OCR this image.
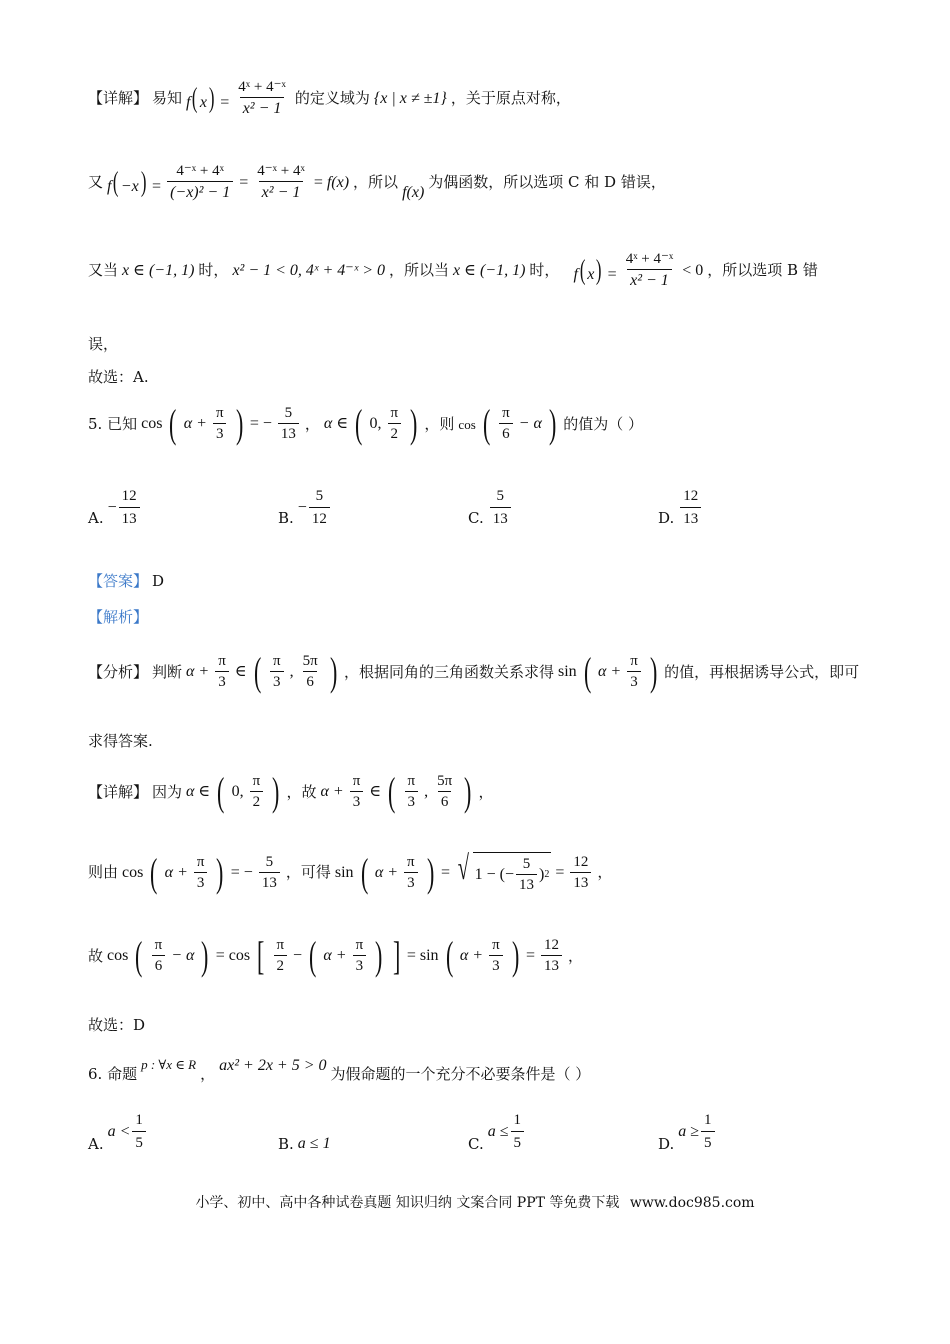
【详解】 易知 f( $x) = \frac{\text{4ˣ + 4⁻ˣ}}{\text{x² − 1}}$ 的定义域为 {x | x ≠ ±1} ，关于原点对称，
又 $f( -x) = \frac{\text{4⁻ˣ + 4ˣ}}{\text{(−x)² − 1}} = \frac{\text{4⁻ˣ + 4ˣ}}{\text{x² − 1}} = f(x)$ ，所以
f(x)
为偶函数，所以选项 C 和 D 错误，
又当 x ∈ (−1, 1) 时， x² − 1 < 0, 4ˣ + 4⁻ˣ > 0 ，所以当 x ∈ (−1, 1) 时， f( $x) = \frac{\text{4ˣ + 4⁻ˣ}}{\text{x² − 1}} < 0$ ，所以选项 B 错
误，
故选：A.
5. 已知 cos ( $\alpha + \frac{\pi}{3}$ ) = − $\frac{5}{13}$ ， α ∈ ( 0, $\frac{\pi}{2}$ ) ，则 cos ( $\frac{\pi}{6} - \alpha$ ) 的值为（ ）
A.
− $\frac{12}{13}$	B.
− $\frac{5}{12}$	C. $\frac{5}{13}$	D. $\frac{12}{13}$
【答案】 D
【解析】
【分析】 判断 $\alpha + \frac{\pi}{3}$ ∈ ( $\frac{\pi}{3}$ , $\frac{5\pi}{6}$ ) ，根据同角的三角函数关系求得 sin ( $\alpha + \frac{\pi}{3}$ ) 的值，再根据诱导公式，即可
求得答案.
【详解】 因为 α ∈ ( 0, $\frac{\pi}{2}$ ) ，故 $\alpha + \frac{\pi}{3}$ ∈ ( $\frac{\pi}{3}$ , $\frac{5\pi}{6}$ ) ，
则由 cos ( $\alpha + \frac{\pi}{3}$ ) = − $\frac{5}{13}$ ，可得 sin ( $\alpha + \frac{\pi}{3}$ ) = √ 1 − (− $\frac{5}{13}$ ) $2 = \frac{12}{13}$ ，
故 cos ( $\frac{\pi}{6} - \alpha$ ) = cos [ $\frac{\pi}{2}$ − ( $\alpha + \frac{\pi}{3}$ ) ] = sin ( $\alpha + \frac{\pi}{3}$ ) = $\frac{12}{13}$ ，
故选：D
6. 命题
p : ∀x ∈ R
， ax² + 2x + 5 > 0 为假命题的一个充分不必要条件是（ ）
A.
$a < \frac{1}{5}$	B. a ≤ 1	C.
$a \le \frac{1}{5}$	D.
$a \ge \frac{1}{5}$
小学、初中、高中各种试卷真题 知识归纳 文案合同 PPT 等免费下载 www.doc985.com
